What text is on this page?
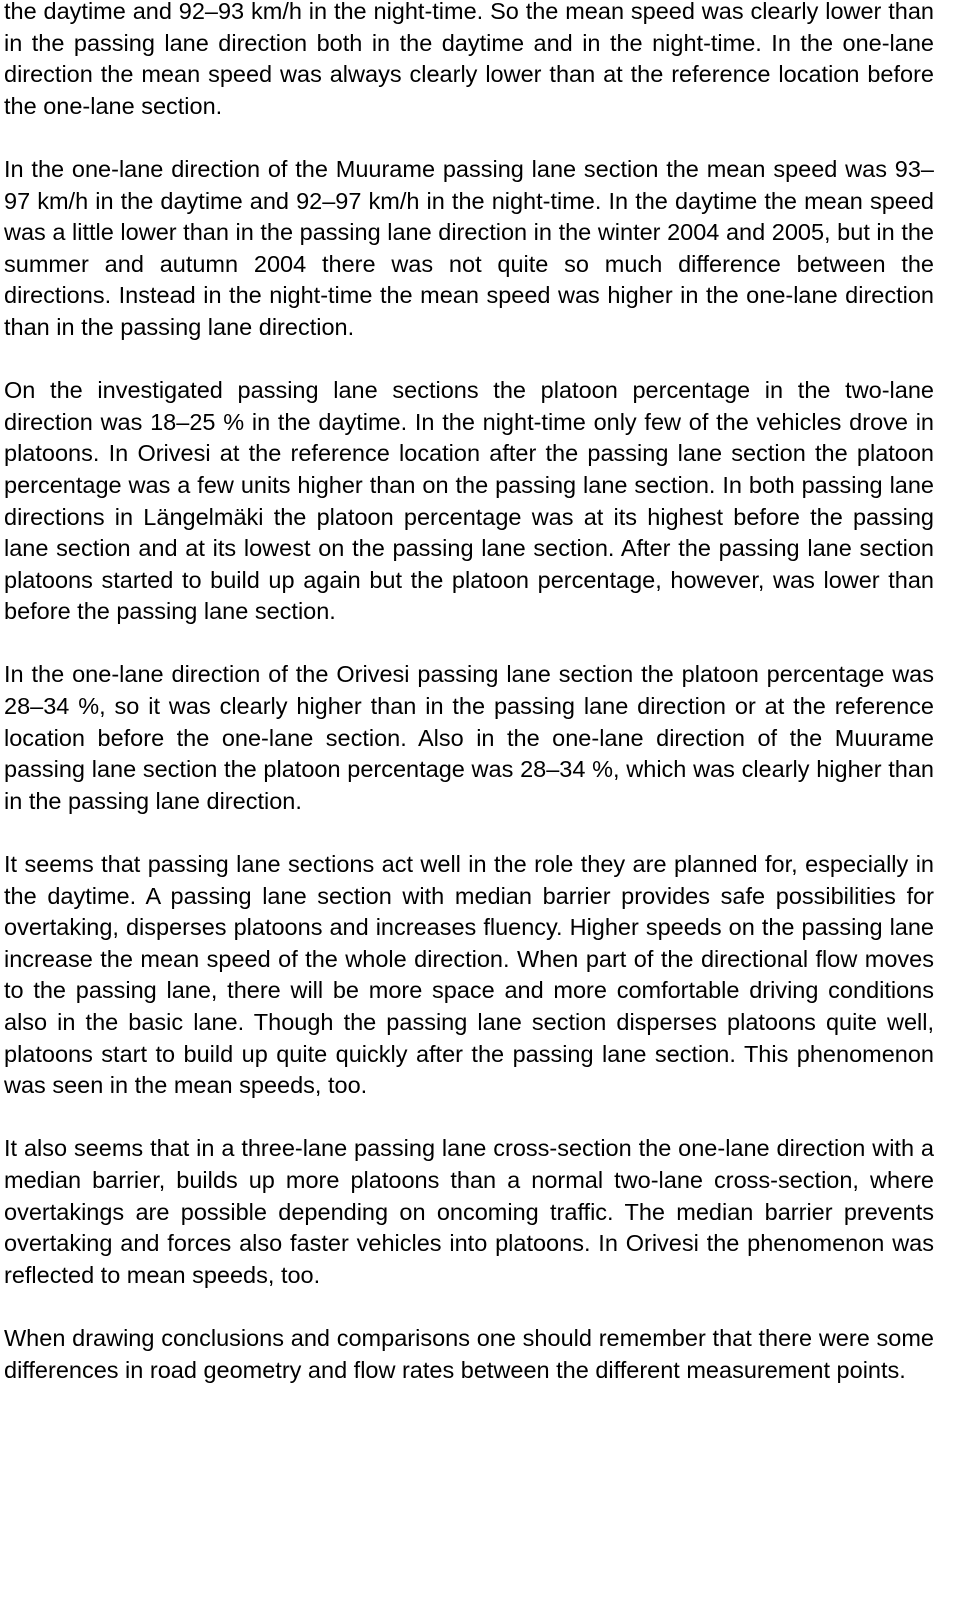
the daytime and 92–93 km/h in the night-time. So the mean speed was clearly lower than in the passing lane direction both in the daytime and in the night-time. In the one-lane direction the mean speed was always clearly lower than at the reference location before the one-lane section.

In the one-lane direction of the Muurame passing lane section the mean speed was 93–97 km/h in the daytime and 92–97 km/h in the night-time. In the daytime the mean speed was a little lower than in the passing lane direction in the winter 2004 and 2005, but in the summer and autumn 2004 there was not quite so much difference between the directions. Instead in the night-time the mean speed was higher in the one-lane direction than in the passing lane direction.

On the investigated passing lane sections the platoon percentage in the two-lane direction was 18–25 % in the daytime. In the night-time only few of the vehicles drove in platoons. In Orivesi at the reference location after the passing lane section the platoon percentage was a few units higher than on the passing lane section. In both passing lane directions in Längelmäki the platoon percentage was at its highest before the passing lane section and at its lowest on the passing lane section. After the passing lane section platoons started to build up again but the platoon percentage, however, was lower than before the passing lane section.

In the one-lane direction of the Orivesi passing lane section the platoon percentage was 28–34 %, so it was clearly higher than in the passing lane direction or at the reference location before the one-lane section. Also in the one-lane direction of the Muurame passing lane section the platoon percentage was 28–34 %, which was clearly higher than in the passing lane direction.

It seems that passing lane sections act well in the role they are planned for, especially in the daytime. A passing lane section with median barrier provides safe possibilities for overtaking, disperses platoons and increases fluency. Higher speeds on the passing lane increase the mean speed of the whole direction. When part of the directional flow moves to the passing lane, there will be more space and more comfortable driving conditions also in the basic lane. Though the passing lane section disperses platoons quite well, platoons start to build up quite quickly after the passing lane section. This phenomenon was seen in the mean speeds, too.

It also seems that in a three-lane passing lane cross-section the one-lane direction with a median barrier, builds up more platoons than a normal two-lane cross-section, where overtakings are possible depending on oncoming traffic. The median barrier prevents overtaking and forces also faster vehicles into platoons. In Orivesi the phenomenon was reflected to mean speeds, too.

When drawing conclusions and comparisons one should remember that there were some differences in road geometry and flow rates between the different measurement points.
